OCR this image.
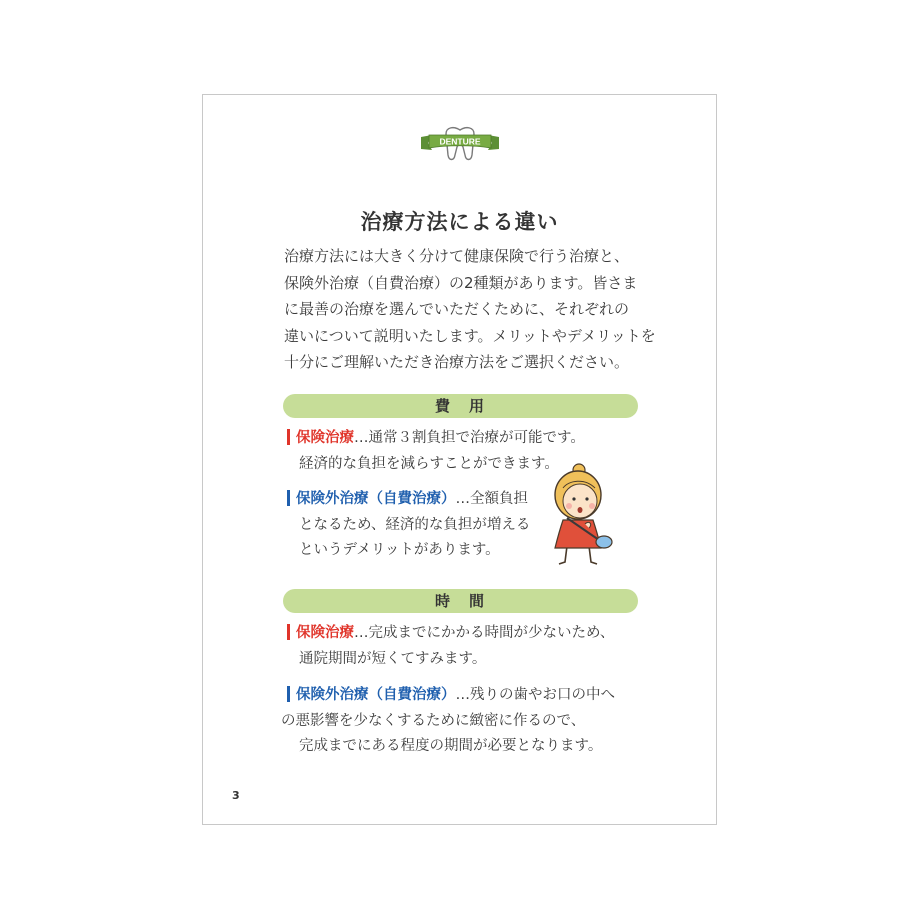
DENTURE
治療方法による違い

治療方法には大きく分けて健康保険で行う治療と、

保険外治療（自費治療）の2種類があります。皆さま

に最善の治療を選んでいただくために、それぞれの

違いについて説明いたします。メリットやデメリットを

十分にご理解いただき治療方法をご選択ください。

費　用

保険治療…通常３割負担で治療が可能です。

経済的な負担を減らすことができます。

保険外治療（自費治療）…全額負担

となるため、経済的な負担が増える

というデメリットがあります。

時　間

保険治療…完成までにかかる時間が少ないため、

通院期間が短くてすみます。

保険外治療（自費治療）…残りの歯やお口の中へ

の悪影響を少なくするために緻密に作るので、

完成までにある程度の期間が必要となります。

3
